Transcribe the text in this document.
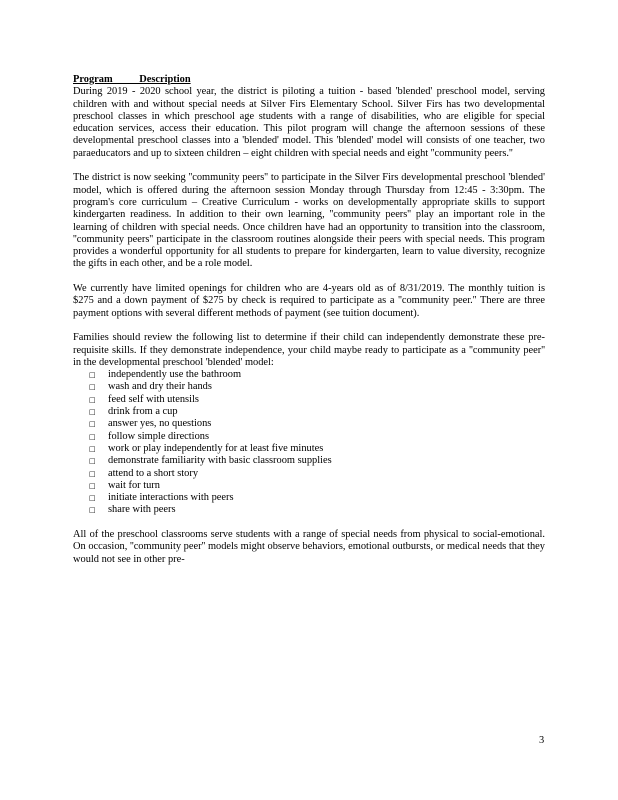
Program Description

During 2019 - 2020 school year, the district is piloting a tuition - based 'blended' preschool model, serving children with and without special needs at Silver Firs Elementary School. Silver Firs has two developmental preschool classes in which preschool age students with a range of disabilities, who are eligible for special education services, access their education. This pilot program will change the afternoon sessions of these developmental preschool classes into a 'blended' model. This 'blended' model will consists of one teacher, two paraeducators and up to sixteen children – eight children with special needs and eight ''community peers.''

The district is now seeking ''community peers'' to participate in the Silver Firs developmental preschool 'blended' model, which is offered during the afternoon session Monday through Thursday from 12:45 - 3:30pm. The program's core curriculum – Creative Curriculum - works on developmentally appropriate skills to support kindergarten readiness. In addition to their own learning, ''community peers'' play an important role in the learning of children with special needs. Once children have had an opportunity to transition into the classroom, ''community peers'' participate in the classroom routines alongside their peers with special needs. This program provides a wonderful opportunity for all students to prepare for kindergarten, learn to value diversity, recognize the gifts in each other, and be a role model.

We currently have limited openings for children who are 4-years old as of 8/31/2019. The monthly tuition is $275 and a down payment of $275 by check is required to participate as a ''community peer.'' There are three payment options with several different methods of payment (see tuition document).

Families should review the following list to determine if their child can independently demonstrate these pre-requisite skills. If they demonstrate independence, your child maybe ready to participate as a ''community peer'' in the developmental preschool 'blended' model:

□ independently use the bathroom
□ wash and dry their hands
□ feed self with utensils
□ drink from a cup
□ answer yes, no questions
□ follow simple directions
□ work or play independently for at least five minutes
□ demonstrate familiarity with basic classroom supplies
□ attend to a short story
□ wait for turn
□ initiate interactions with peers
□ share with peers

All of the preschool classrooms serve students with a range of special needs from physical to social-emotional. On occasion, ''community peer'' models might observe behaviors, emotional outbursts, or medical needs that they would not see in other pre-

3
